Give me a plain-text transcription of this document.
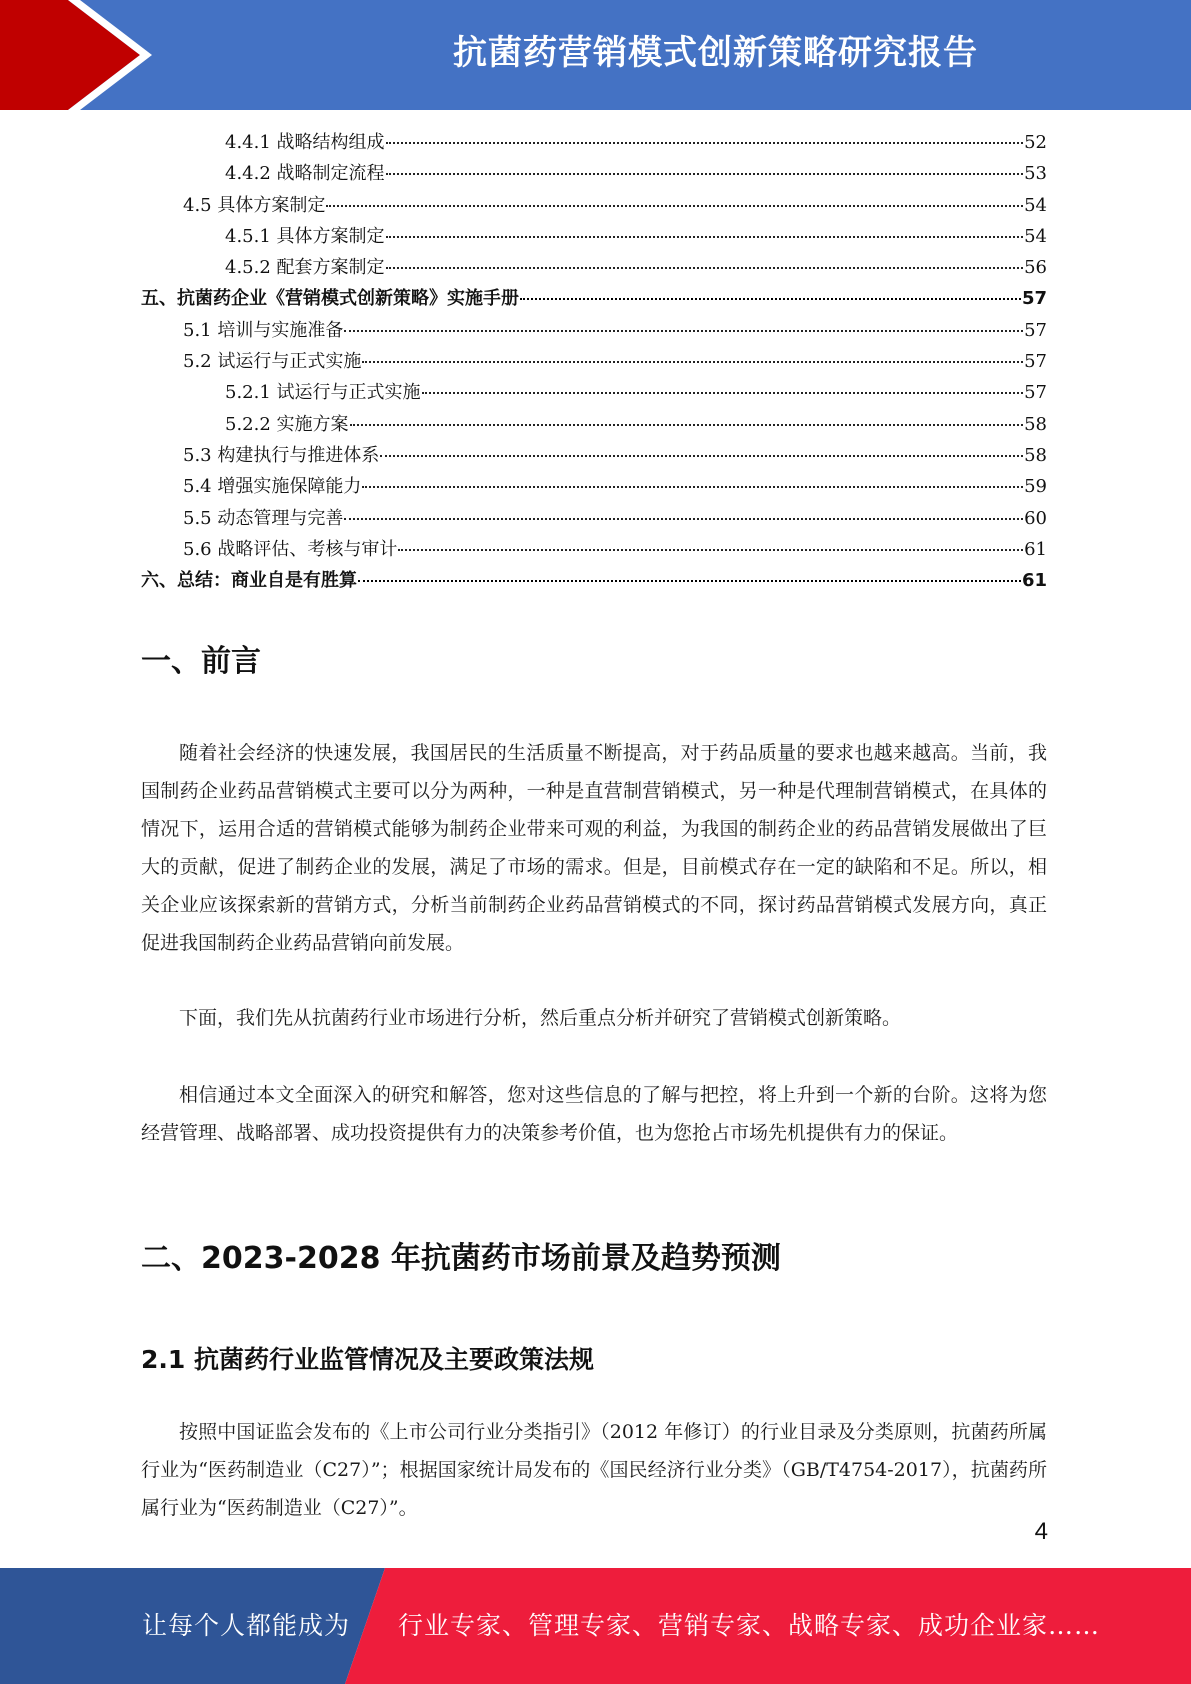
抗菌药营销模式创新策略研究报告
4.4.1 战略结构组成	52
4.4.2 战略制定流程	53
4.5 具体方案制定	54
4.5.1 具体方案制定	54
4.5.2 配套方案制定	56
五、抗菌药企业《营销模式创新策略》实施手册	57
5.1 培训与实施准备	57
5.2 试运行与正式实施	57
5.2.1 试运行与正式实施	57
5.2.2 实施方案	58
5.3 构建执行与推进体系	58
5.4 增强实施保障能力	59
5.5 动态管理与完善	60
5.6 战略评估、考核与审计	61
六、总结：商业自是有胜算	61
一、前言
随着社会经济的快速发展，我国居民的生活质量不断提高，对于药品质量的要求也越来越高。当前，我国制药企业药品营销模式主要可以分为两种，一种是直营制营销模式，另一种是代理制营销模式，在具体的情况下，运用合适的营销模式能够为制药企业带来可观的利益，为我国的制药企业的药品营销发展做出了巨大的贡献，促进了制药企业的发展，满足了市场的需求。但是，目前模式存在一定的缺陷和不足。所以，相关企业应该探索新的营销方式，分析当前制药企业药品营销模式的不同，探讨药品营销模式发展方向，真正促进我国制药企业药品营销向前发展。
下面，我们先从抗菌药行业市场进行分析，然后重点分析并研究了营销模式创新策略。
相信通过本文全面深入的研究和解答，您对这些信息的了解与把控，将上升到一个新的台阶。这将为您经营管理、战略部署、成功投资提供有力的决策参考价值，也为您抢占市场先机提供有力的保证。
二、2023-2028 年抗菌药市场前景及趋势预测
2.1 抗菌药行业监管情况及主要政策法规
按照中国证监会发布的《上市公司行业分类指引》（2012 年修订）的行业目录及分类原则，抗菌药所属行业为“医药制造业（C27）”；根据国家统计局发布的《国民经济行业分类》（GB/T4754-2017），抗菌药所属行业为“医药制造业（C27）”。
4
让每个人都能成为 行业专家、管理专家、营销专家、战略专家、成功企业家……
